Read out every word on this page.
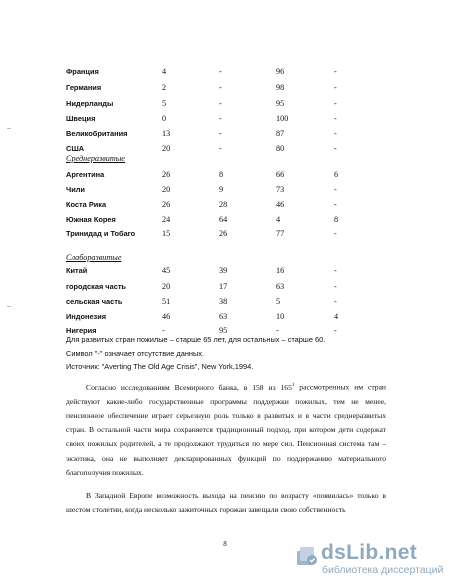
Франция	4	-	96	-
Германия	2	-	98	-
Нидерланды	5	-	95	-
Швеция	0	-	100	-
Великобритания	13	-	87	-
США	20	-	80	-
Среднеразвитые
Аргентина	26	8	66	6
Чили	20	9	73	-
Коста Рика	26	28	46	-
Южная Корея	24	64	4	8
Тринидад и Тобаго	15	26	77	-
Слаборазвитые
Китай	45	39	16	-
городская часть	20	17	63	-
сельская часть	51	38	5	-
Индонезия	46	63	10	4
Нигерия	-	95	-	-
Для развитых стран пожилые – старше 65 лет, для остальных – старше 60.
Символ "-" означает отсутствие данных.
Источник: "Averting The Old Age Crisis", New York,1994.
Согласно исследованиям Всемирного банка, в 158 из $165^1$ рассмотренных им стран действуют какие-либо государственные программы поддержки пожилых, тем не менее, пенсионное обеспечение играет серьезную роль только в развитых и в части среднеразвитых стран. В остальной части мира сохраняется традиционный подход, при котором дети содержат своих пожилых родителей, а те продолжают трудиться по мере сил. Пенсионная система там – экзотика, она не выполняет декларированных функций по поддержанию материального благополучия пожилых.
В Западной Европе возможность выхода на пенсию по возрасту «появилась» только в шестом столетии, когда несколько зажиточных горожан завещали свою собственность
8	dsLib.net
библиотека диссертаций
